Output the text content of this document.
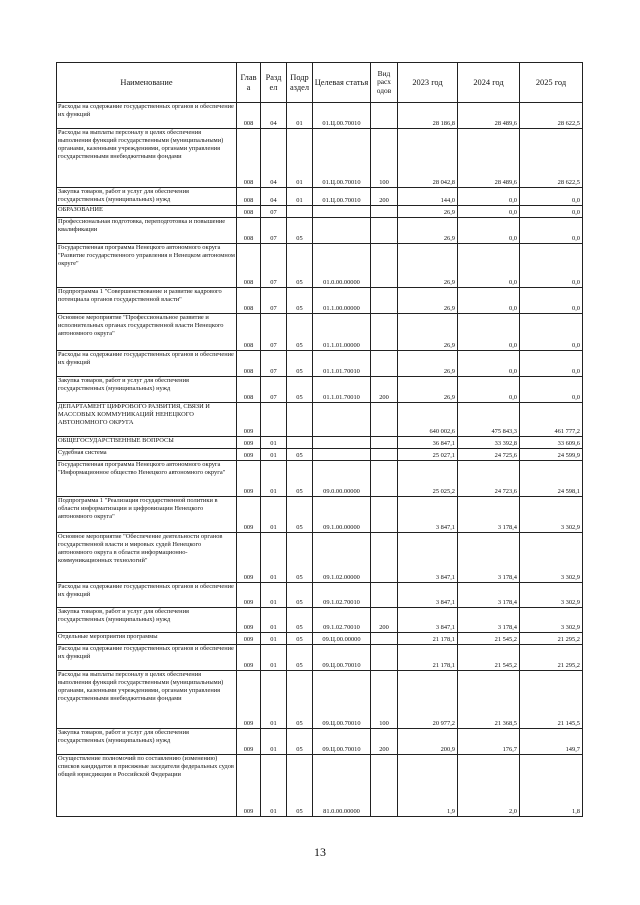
Наименование	Глав а	Разд ел	Подр аздел	Целевая статья	Вид расх одов	2023 год	2024 год	2025 год
Расходы на содержание государственных органов и обеспечение их функций	008	04	01	01.Ц.00.70010		28 186,8	28 489,6	28 622,5
Расходы на выплаты персоналу в целях обеспечения выполнения функций государственными (муниципальными) органами, казенными учреждениями, органами управления государственными внебюджетными фондами	008	04	01	01.Ц.00.70010	100	28 042,8	28 489,6	28 622,5
Закупка товаров, работ и услуг для обеспечения государственных (муниципальных) нужд	008	04	01	01.Ц.00.70010	200	144,0	0,0	0,0
ОБРАЗОВАНИЕ	008	07				26,9	0,0	0,0
Профессиональная подготовка, переподготовка и повышение квалификации	008	07	05			26,9	0,0	0,0
Государственная программа Ненецкого автономного округа "Развитие государственного управления в Ненецком автономном округе"	008	07	05	01.0.00.00000		26,9	0,0	0,0
Подпрограмма 1 "Совершенствование и развитие кадрового потенциала органов государственной власти"	008	07	05	01.1.00.00000		26,9	0,0	0,0
Основное мероприятие "Профессиональное развитие и исполнительных органах государственной власти Ненецкого автономного округа"	008	07	05	01.1.01.00000		26,9	0,0	0,0
Расходы на содержание государственных органов и обеспечение их функций	008	07	05	01.1.01.70010		26,9	0,0	0,0
Закупка товаров, работ и услуг для обеспечения государственных (муниципальных) нужд	008	07	05	01.1.01.70010	200	26,9	0,0	0,0
ДЕПАРТАМЕНТ ЦИФРОВОГО РАЗВИТИЯ, СВЯЗИ И МАССОВЫХ КОММУНИКАЦИЙ НЕНЕЦКОГО АВТОНОМНОГО ОКРУГА	009					640 002,6	475 843,3	461 777,2
ОБЩЕГОСУДАРСТВЕННЫЕ ВОПРОСЫ	009	01				36 847,1	33 392,8	33 609,6
Судебная система	009	01	05			25 027,1	24 725,6	24 599,9
Государственная программа Ненецкого автономного округа "Информационное общество Ненецкого автономного округа"	009	01	05	09.0.00.00000		25 025,2	24 723,6	24 598,1
Подпрограмма 1 "Реализация государственной политики в области информатизации и цифровизации Ненецкого автономного округа"	009	01	05	09.1.00.00000		3 847,1	3 178,4	3 302,9
Основное мероприятие "Обеспечение деятельности органов государственной власти и мировых судей Ненецкого автономного округа в области информационно-коммуникационных технологий"	009	01	05	09.1.02.00000		3 847,1	3 178,4	3 302,9
Расходы на содержание государственных органов и обеспечение их функций	009	01	05	09.1.02.70010		3 847,1	3 178,4	3 302,9
Закупка товаров, работ и услуг для обеспечения государственных (муниципальных) нужд	009	01	05	09.1.02.70010	200	3 847,1	3 178,4	3 302,9
Отдельные мероприятия программы	009	01	05	09.Ц.00.00000		21 178,1	21 545,2	21 295,2
Расходы на содержание государственных органов и обеспечение их функций	009	01	05	09.Ц.00.70010		21 178,1	21 545,2	21 295,2
Расходы на выплаты персоналу в целях обеспечения выполнения функций государственными (муниципальными) органами, казенными учреждениями, органами управления государственными внебюджетными фондами	009	01	05	09.Ц.00.70010	100	20 977,2	21 368,5	21 145,5
Закупка товаров, работ и услуг для обеспечения государственных (муниципальных) нужд	009	01	05	09.Ц.00.70010	200	200,9	176,7	149,7
Осуществление полномочий по составлению (изменению) списков кандидатов в присяжные заседатели федеральных судов общей юрисдикции в Российской Федерации	009	01	05	81.0.00.00000		1,9	2,0	1,8
13
